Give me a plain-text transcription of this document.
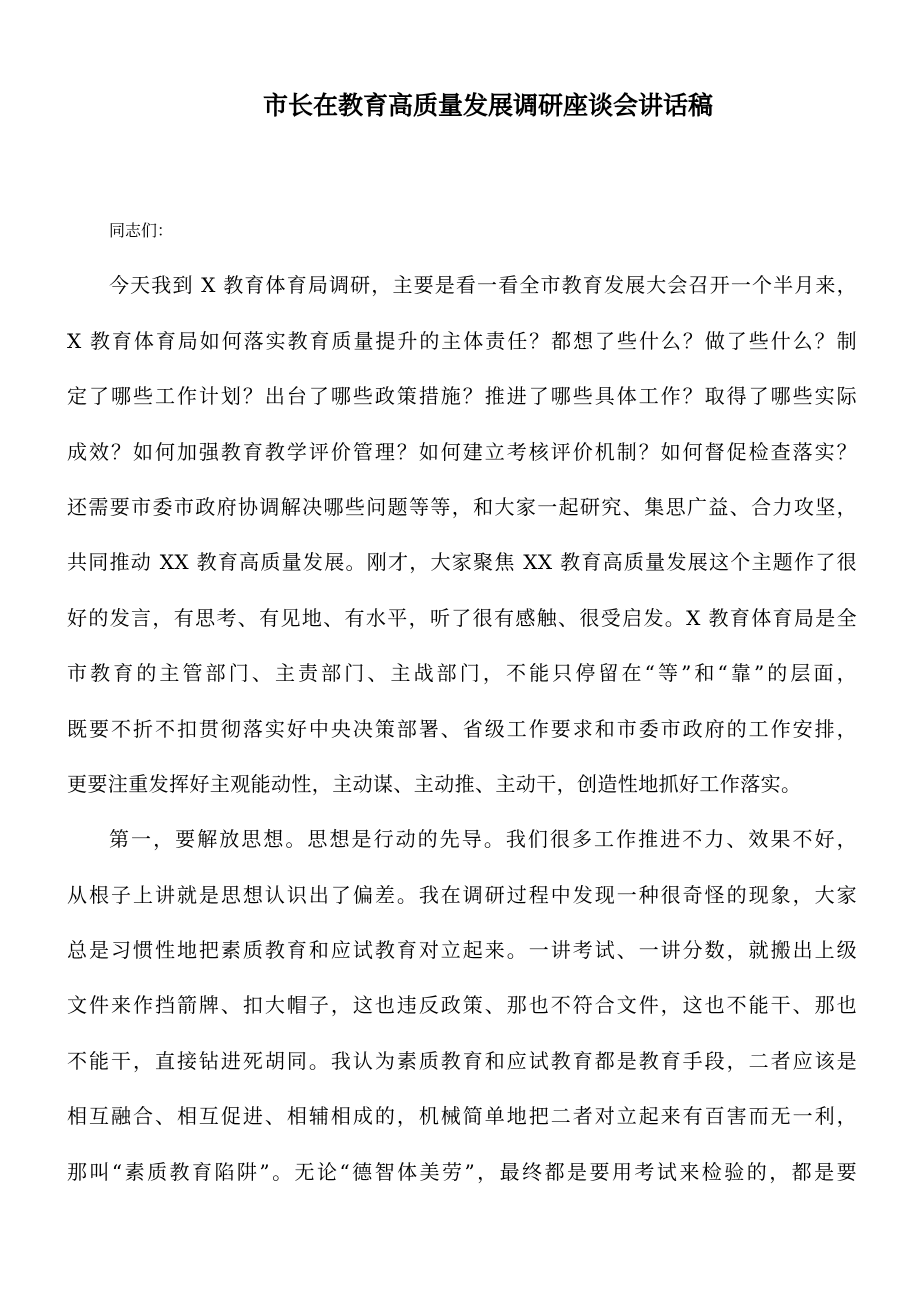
市长在教育高质量发展调研座谈会讲话稿
同志们：
今天我到 X 教育体育局调研，主要是看一看全市教育发展大会召开一个半月来，
X 教育体育局如何落实教育质量提升的主体责任？都想了些什么？做了些什么？制
定了哪些工作计划？出台了哪些政策措施？推进了哪些具体工作？取得了哪些实际
成效？如何加强教育教学评价管理？如何建立考核评价机制？如何督促检查落实？
还需要市委市政府协调解决哪些问题等等，和大家一起研究、集思广益、合力攻坚，
共同推动 XX 教育高质量发展。刚才，大家聚焦 XX 教育高质量发展这个主题作了很
好的发言，有思考、有见地、有水平，听了很有感触、很受启发。X 教育体育局是全
市教育的主管部门、主责部门、主战部门，不能只停留在“等”和“靠”的层面，
既要不折不扣贯彻落实好中央决策部署、省级工作要求和市委市政府的工作安排，
更要注重发挥好主观能动性，主动谋、主动推、主动干，创造性地抓好工作落实。
第一，要解放思想。思想是行动的先导。我们很多工作推进不力、效果不好，
从根子上讲就是思想认识出了偏差。我在调研过程中发现一种很奇怪的现象，大家
总是习惯性地把素质教育和应试教育对立起来。一讲考试、一讲分数，就搬出上级
文件来作挡箭牌、扣大帽子，这也违反政策、那也不符合文件，这也不能干、那也
不能干，直接钻进死胡同。我认为素质教育和应试教育都是教育手段，二者应该是
相互融合、相互促进、相辅相成的，机械简单地把二者对立起来有百害而无一利，
那叫“素质教育陷阱”。无论“德智体美劳”，最终都是要用考试来检验的，都是要
